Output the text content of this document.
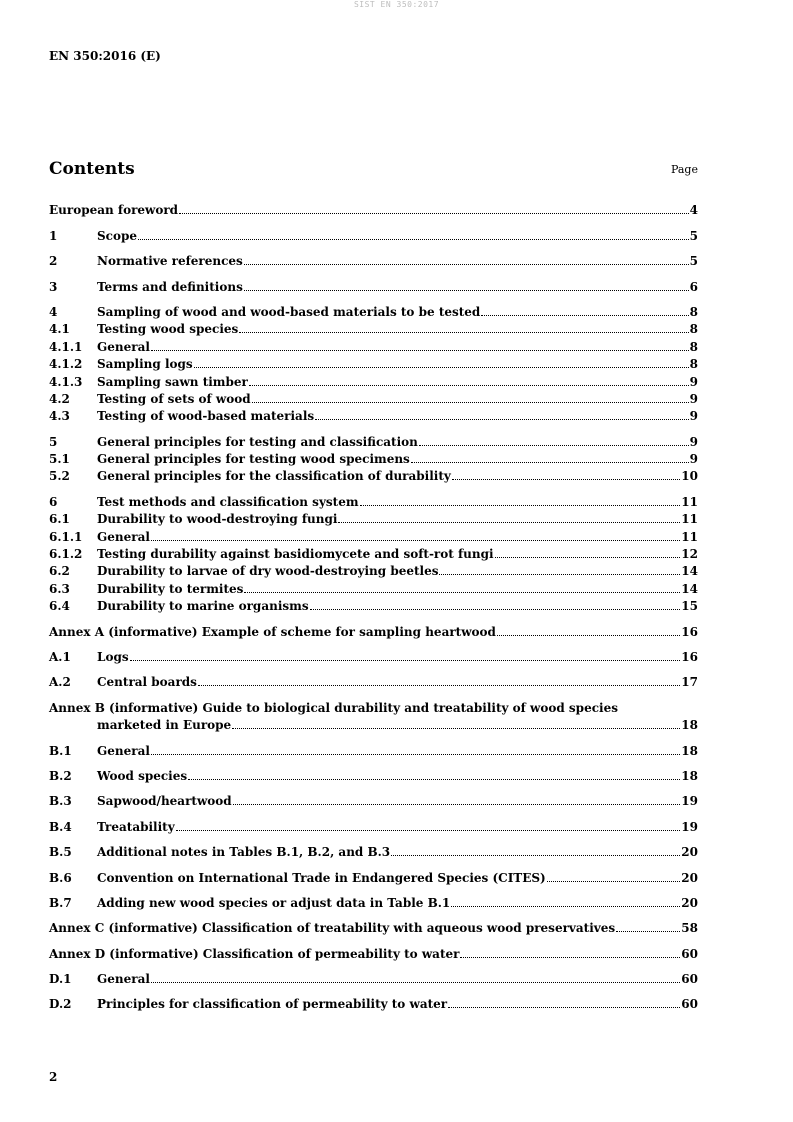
SIST EN 350:2017
EN 350:2016 (E)
Contents	Page
European foreword	4
1	Scope	5
2	Normative references	5
3	Terms and definitions	6
4	Sampling of wood and wood-based materials to be tested	8
4.1	Testing wood species	8
4.1.1	General	8
4.1.2	Sampling logs	8
4.1.3	Sampling sawn timber	9
4.2	Testing of sets of wood	9
4.3	Testing of wood-based materials	9
5	General principles for testing and classification	9
5.1	General principles for testing wood specimens	9
5.2	General principles for the classification of durability	10
6	Test methods and classification system	11
6.1	Durability to wood-destroying fungi	11
6.1.1	General	11
6.1.2	Testing durability against basidiomycete and soft-rot fungi	12
6.2	Durability to larvae of dry wood-destroying beetles	14
6.3	Durability to termites	14
6.4	Durability to marine organisms	15
Annex A (informative) Example of scheme for sampling heartwood	16
A.1	Logs	16
A.2	Central boards	17
Annex B (informative) Guide to biological durability and treatability of wood species
marketed in Europe	18
B.1	General	18
B.2	Wood species	18
B.3	Sapwood/heartwood	19
B.4	Treatability	19
B.5	Additional notes in Tables B.1, B.2, and B.3	20
B.6	Convention on International Trade in Endangered Species (CITES)	20
B.7	Adding new wood species or adjust data in Table B.1	20
Annex C (informative) Classification of treatability with aqueous wood preservatives	58
Annex D (informative) Classification of permeability to water	60
D.1	General	60
D.2	Principles for classification of permeability to water	60
2
